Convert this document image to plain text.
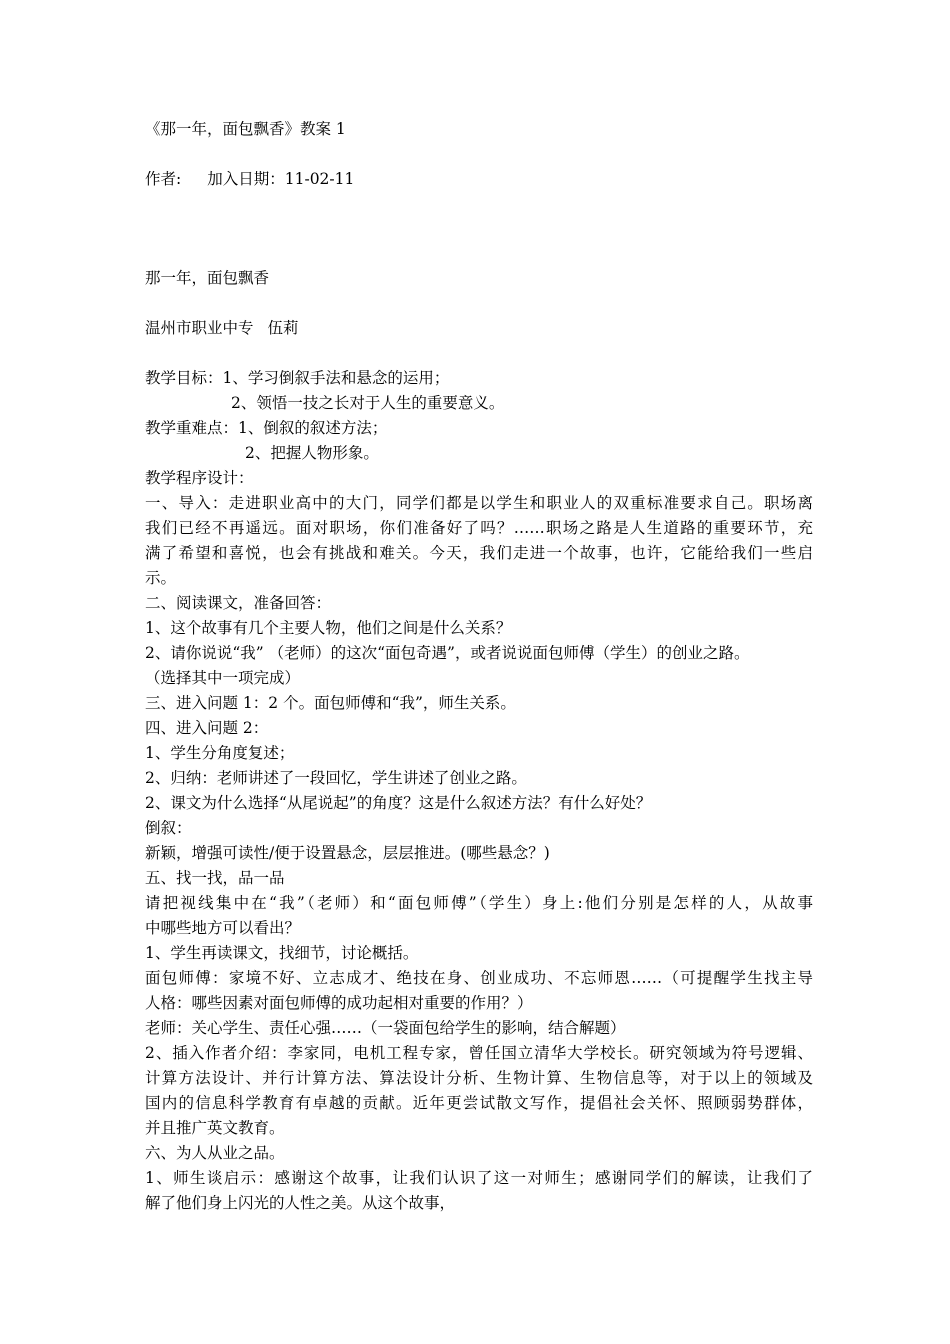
《那一年，面包飘香》教案 1
作者: 加入日期：11-02-11
那一年，面包飘香
温州市职业中专 伍莉
教学目标：1、学习倒叙手法和悬念的运用；
2、领悟一技之长对于人生的重要意义。
教学重难点：1、倒叙的叙述方法；
2、把握人物形象。
教学程序设计：
一、导入：走进职业高中的大门，同学们都是以学生和职业人的双重标准要求自己。职场离
我们已经不再遥远。面对职场，你们准备好了吗？……职场之路是人生道路的重要环节，充
满了希望和喜悦，也会有挑战和难关。今天，我们走进一个故事，也许，它能给我们一些启
示。
二、阅读课文，准备回答：
1、这个故事有几个主要人物，他们之间是什么关系？
2、请你说说“我” （老师）的这次“面包奇遇”，或者说说面包师傅（学生）的创业之路。
（选择其中一项完成）
三、进入问题 1：2 个。面包师傅和“我”，师生关系。
四、进入问题 2：
1、学生分角度复述；
2、归纳：老师讲述了一段回忆，学生讲述了创业之路。
2、课文为什么选择“从尾说起”的角度？这是什么叙述方法？有什么好处？
倒叙：
新颖，增强可读性/便于设置悬念，层层推进。(哪些悬念？)
五、找一找，品一品
请把视线集中在“我”（老师）和“面包师傅”（学生）身上:他们分别是怎样的人，从故事
中哪些地方可以看出？
1、学生再读课文，找细节，讨论概括。
面包师傅：家境不好、立志成才、绝技在身、创业成功、不忘师恩……（可提醒学生找主导
人格：哪些因素对面包师傅的成功起相对重要的作用？）
老师：关心学生、责任心强……（一袋面包给学生的影响，结合解题）
2、插入作者介绍：李家同，电机工程专家，曾任国立清华大学校长。研究领域为符号逻辑、
计算方法设计、并行计算方法、算法设计分析、生物计算、生物信息等，对于以上的领域及
国内的信息科学教育有卓越的贡献。近年更尝试散文写作，提倡社会关怀、照顾弱势群体，
并且推广英文教育。
六、为人从业之品。
1、师生谈启示：感谢这个故事，让我们认识了这一对师生；感谢同学们的解读，让我们了
解了他们身上闪光的人性之美。从这个故事，
